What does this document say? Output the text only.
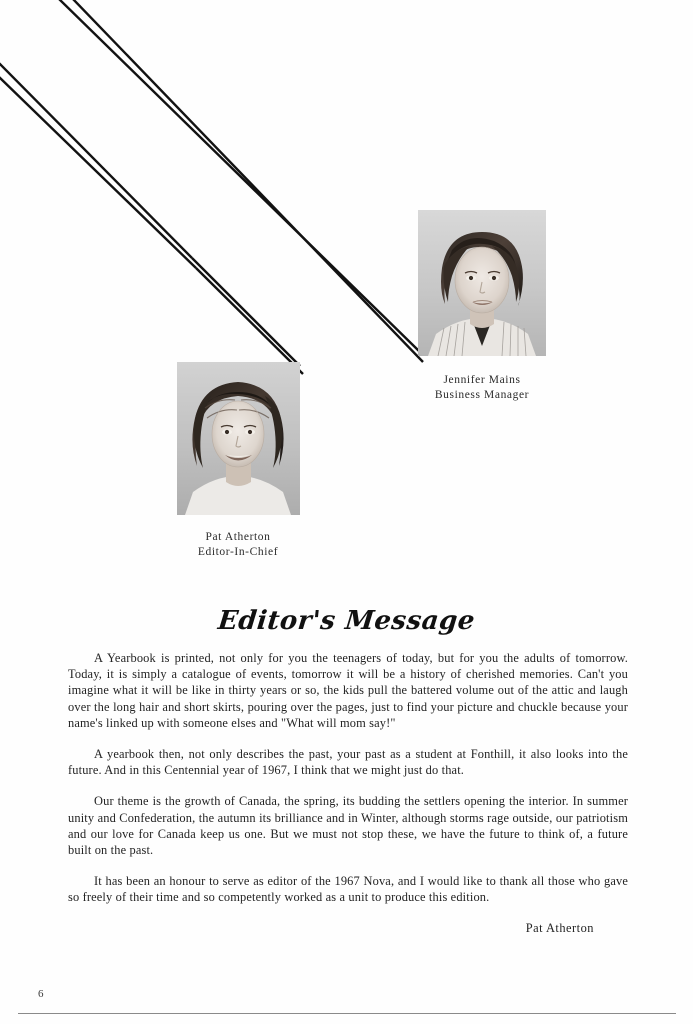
Jennifer Mains
Business Manager
Pat Atherton
Editor-In-Chief
Editor's Message

A Yearbook is printed, not only for you the teenagers of today, but for you the adults of tomorrow. Today, it is simply a catalogue of events, tomorrow it will be a history of cherished memories. Can't you imagine what it will be like in thirty years or so, the kids pull the battered volume out of the attic and laugh over the long hair and short skirts, pouring over the pages, just to find your picture and chuckle because your name's linked up with someone elses and "What will mom say!"

A yearbook then, not only describes the past, your past as a student at Fonthill, it also looks into the future. And in this Centennial year of 1967, I think that we might just do that.

Our theme is the growth of Canada, the spring, its budding the settlers opening the interior. In summer unity and Confederation, the autumn its brilliance and in Winter, although storms rage outside, our patriotism and our love for Canada keep us one. But we must not stop these, we have the future to think of, a future built on the past.

It has been an honour to serve as editor of the 1967 Nova, and I would like to thank all those who gave so freely of their time and so competently worked as a unit to produce this edition.

Pat Atherton

6
